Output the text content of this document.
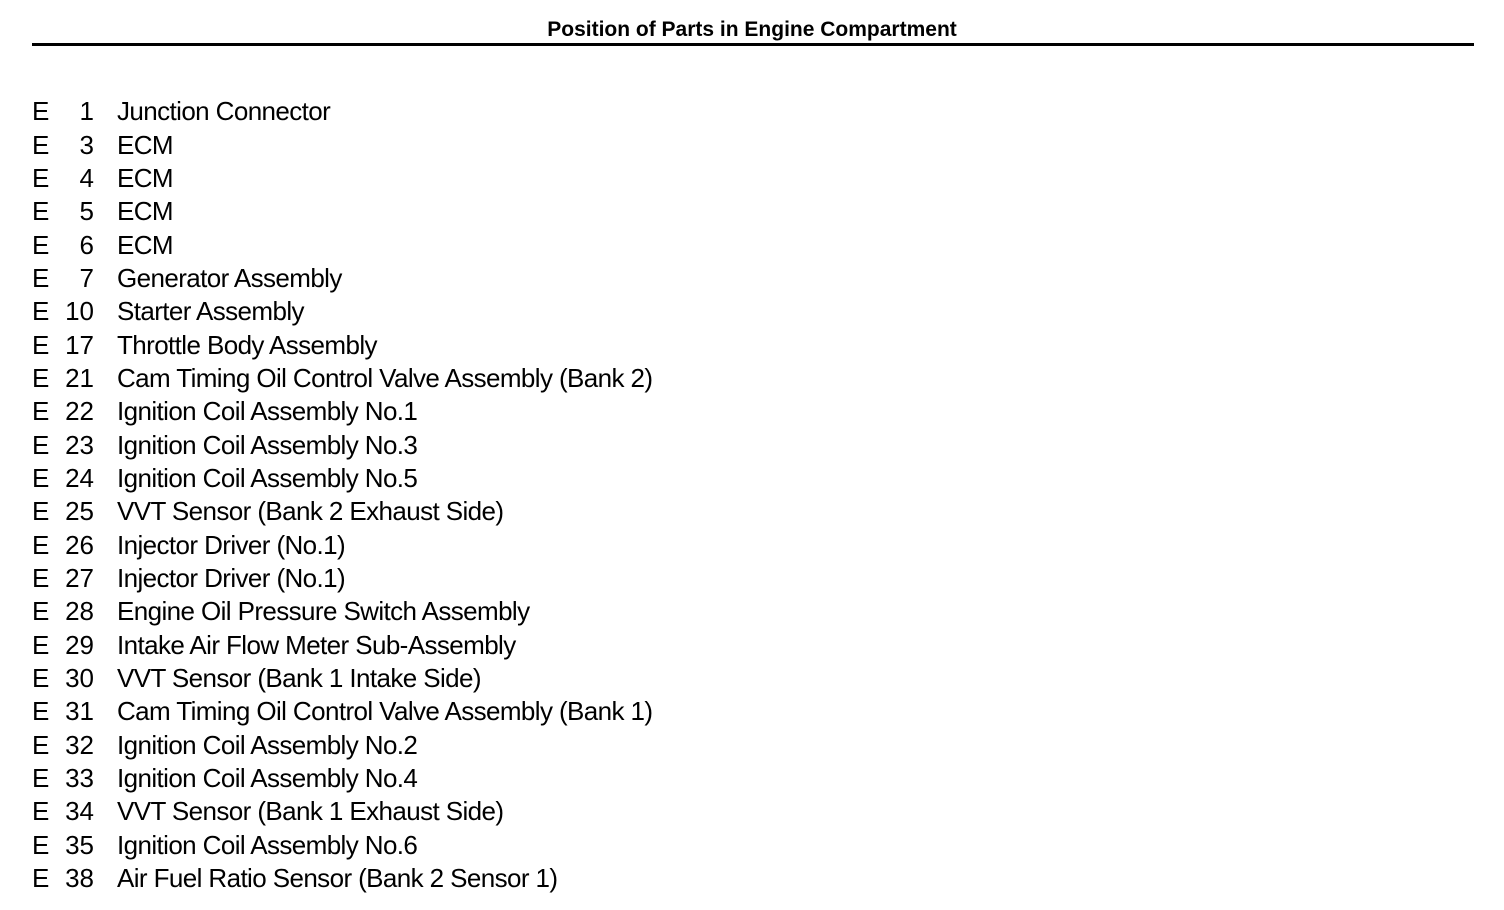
Position of Parts in Engine Compartment
E	1 Junction Connector
E	3 ECM
E	4 ECM
E	5 ECM
E	6 ECM
E	7 Generator Assembly
E 10 Starter Assembly
E 17 Throttle Body Assembly
E 21 Cam Timing Oil Control Valve Assembly (Bank 2)
E 22 Ignition Coil Assembly No.1
E 23 Ignition Coil Assembly No.3
E 24 Ignition Coil Assembly No.5
E 25 VVT Sensor (Bank 2 Exhaust Side)
E 26 Injector Driver (No.1)
E 27 Injector Driver (No.1)
E 28 Engine Oil Pressure Switch Assembly
E 29 Intake Air Flow Meter Sub-Assembly
E 30 VVT Sensor (Bank 1 Intake Side)
E 31 Cam Timing Oil Control Valve Assembly (Bank 1)
E 32 Ignition Coil Assembly No.2
E 33 Ignition Coil Assembly No.4
E 34 VVT Sensor (Bank 1 Exhaust Side)
E 35 Ignition Coil Assembly No.6
E 38 Air Fuel Ratio Sensor (Bank 2 Sensor 1)
